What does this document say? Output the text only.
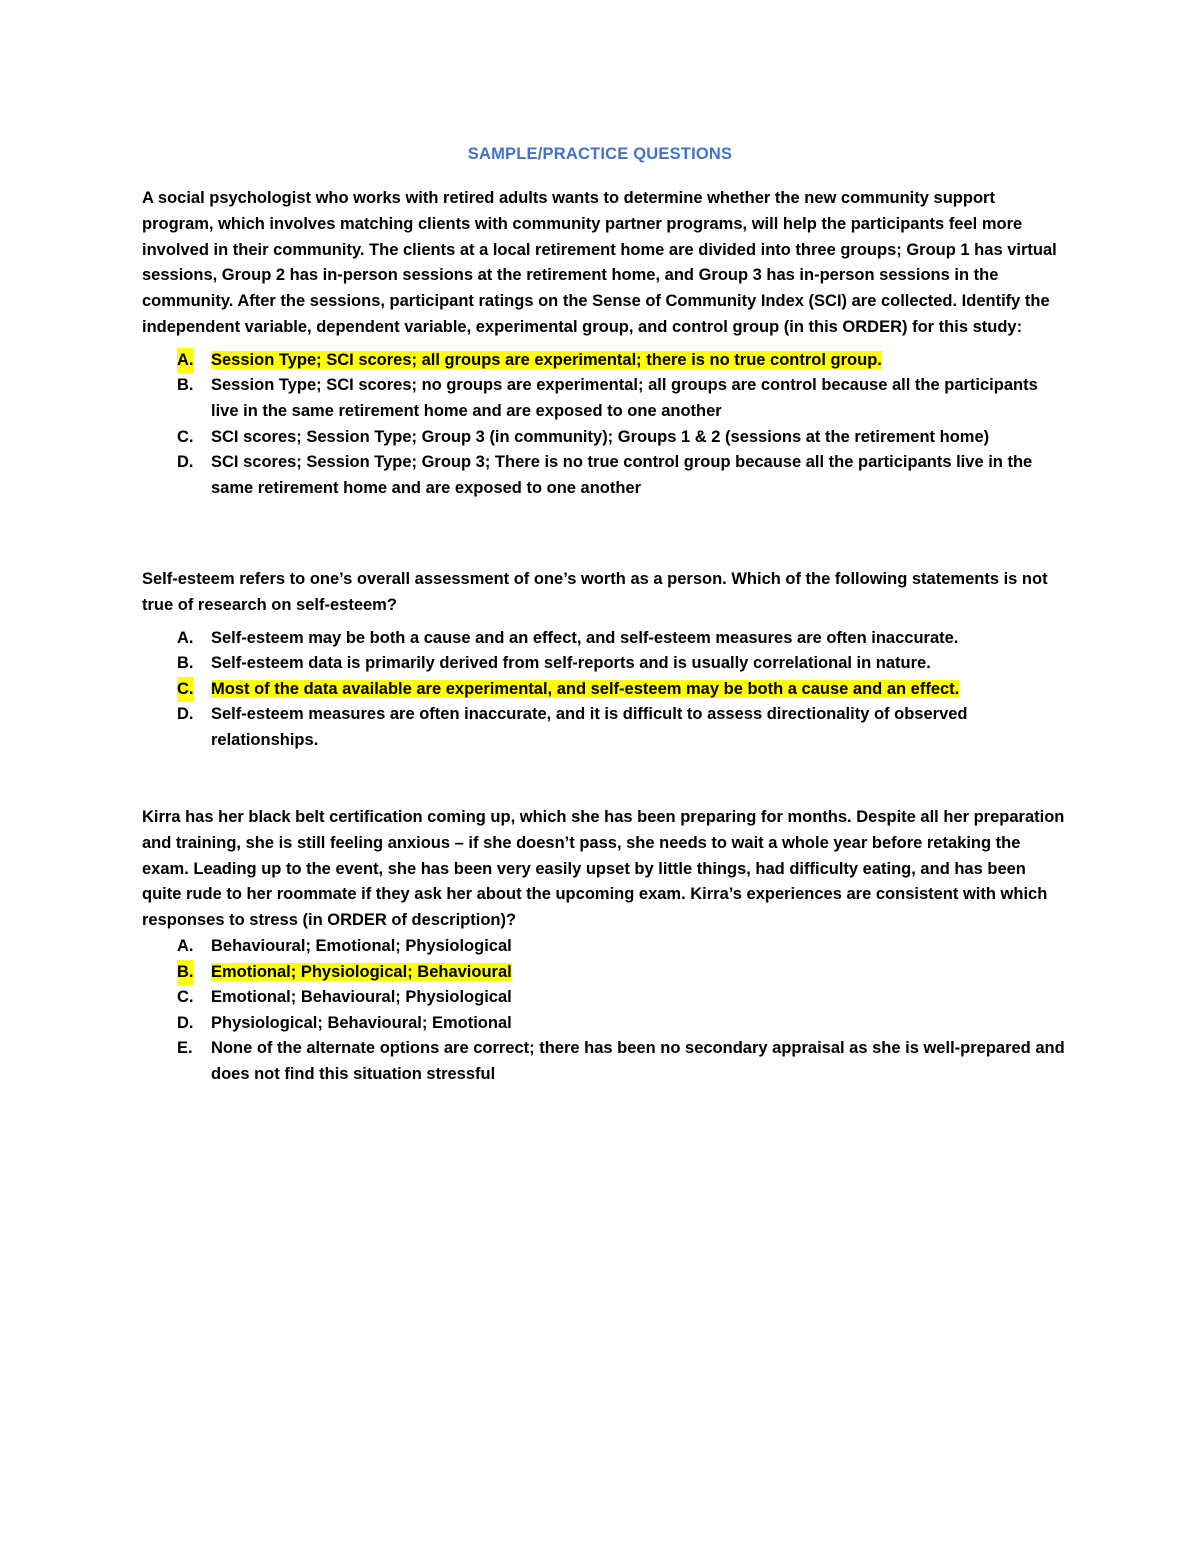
SAMPLE/PRACTICE QUESTIONS

A social psychologist who works with retired adults wants to determine whether the new community support program, which involves matching clients with community partner programs, will help the participants feel more involved in their community. The clients at a local retirement home are divided into three groups; Group 1 has virtual sessions, Group 2 has in-person sessions at the retirement home, and Group 3 has in-person sessions in the community. After the sessions, participant ratings on the Sense of Community Index (SCI) are collected. Identify the independent variable, dependent variable, experimental group, and control group (in this ORDER) for this study:

A. Session Type; SCI scores; all groups are experimental; there is no true control group.
B. Session Type; SCI scores; no groups are experimental; all groups are control because all the participants live in the same retirement home and are exposed to one another
C. SCI scores; Session Type; Group 3 (in community); Groups 1 & 2 (sessions at the retirement home)
D. SCI scores; Session Type; Group 3; There is no true control group because all the participants live in the same retirement home and are exposed to one another

Self-esteem refers to one’s overall assessment of one’s worth as a person. Which of the following statements is not true of research on self-esteem?

A. Self-esteem may be both a cause and an effect, and self-esteem measures are often inaccurate.
B. Self-esteem data is primarily derived from self-reports and is usually correlational in nature.
C. Most of the data available are experimental, and self-esteem may be both a cause and an effect.
D. Self-esteem measures are often inaccurate, and it is difficult to assess directionality of observed relationships.

Kirra has her black belt certification coming up, which she has been preparing for months. Despite all her preparation and training, she is still feeling anxious – if she doesn’t pass, she needs to wait a whole year before retaking the exam. Leading up to the event, she has been very easily upset by little things, had difficulty eating, and has been quite rude to her roommate if they ask her about the upcoming exam. Kirra’s experiences are consistent with which responses to stress (in ORDER of description)?

A. Behavioural; Emotional; Physiological
B. Emotional; Physiological; Behavioural
C. Emotional; Behavioural; Physiological
D. Physiological; Behavioural; Emotional
E. None of the alternate options are correct; there has been no secondary appraisal as she is well-prepared and does not find this situation stressful
